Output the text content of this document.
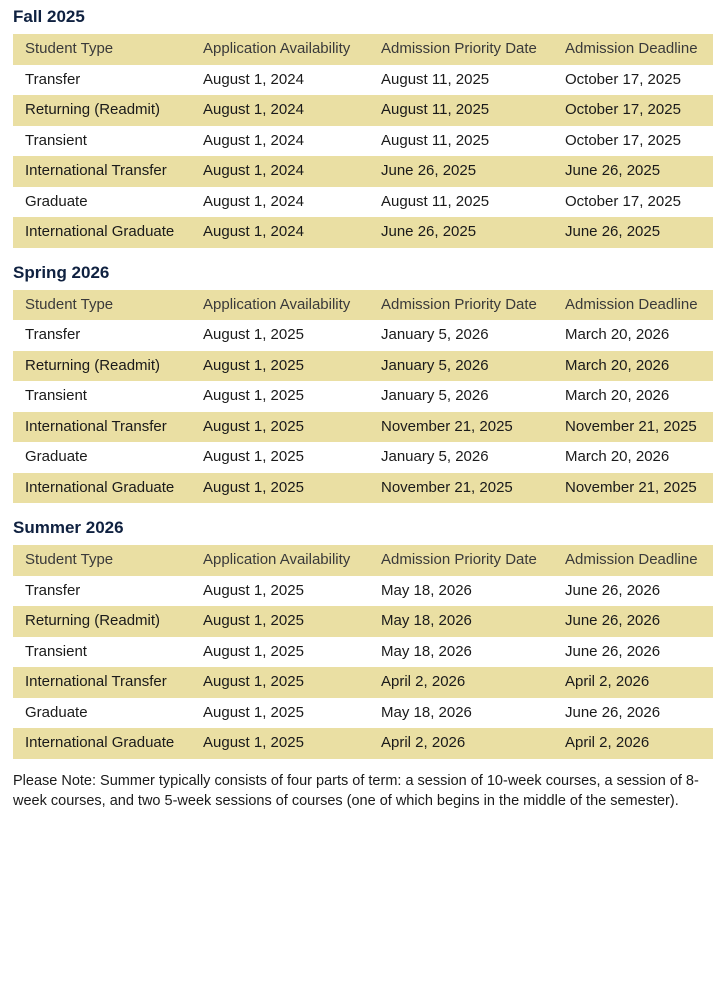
Fall 2025
Student Type	Application Availability	Admission Priority Date	Admission Deadline
Transfer	August 1, 2024	August 11, 2025	October 17, 2025
Returning (Readmit)	August 1, 2024	August 11, 2025	October 17, 2025
Transient	August 1, 2024	August 11, 2025	October 17, 2025
International Transfer	August 1, 2024	June 26, 2025	June 26, 2025
Graduate	August 1, 2024	August 11, 2025	October 17, 2025
International Graduate	August 1, 2024	June 26, 2025	June 26, 2025
Spring 2026
Student Type	Application Availability	Admission Priority Date	Admission Deadline
Transfer	August 1, 2025	January 5, 2026	March 20, 2026
Returning (Readmit)	August 1, 2025	January 5, 2026	March 20, 2026
Transient	August 1, 2025	January 5, 2026	March 20, 2026
International Transfer	August 1, 2025	November 21, 2025	November 21, 2025
Graduate	August 1, 2025	January 5, 2026	March 20, 2026
International Graduate	August 1, 2025	November 21, 2025	November 21, 2025
Summer 2026
Student Type	Application Availability	Admission Priority Date	Admission Deadline
Transfer	August 1, 2025	May 18, 2026	June 26, 2026
Returning (Readmit)	August 1, 2025	May 18, 2026	June 26, 2026
Transient	August 1, 2025	May 18, 2026	June 26, 2026
International Transfer	August 1, 2025	April 2, 2026	April 2, 2026
Graduate	August 1, 2025	May 18, 2026	June 26, 2026
International Graduate	August 1, 2025	April 2, 2026	April 2, 2026

Please Note: Summer typically consists of four parts of term: a session of 10-week courses, a session of 8-week courses, and two 5-week sessions of courses (one of which begins in the middle of the semester).
